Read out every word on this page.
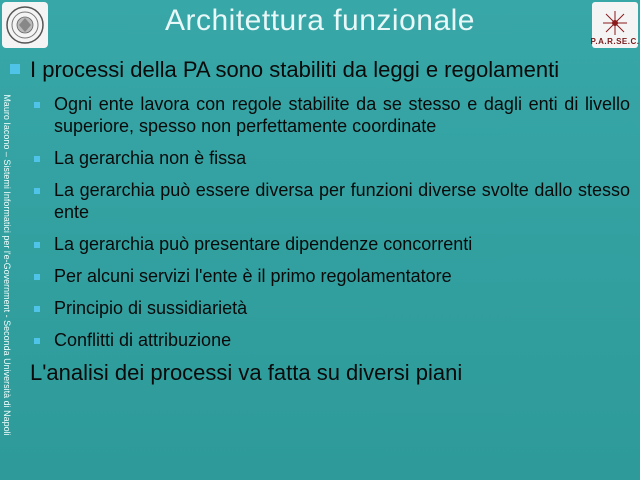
Architettura funzionale
P.A.R.SE.C.
Mauro Iacono – Sistemi Informatici per l'e-Government - Seconda Università di Napoli
I processi della PA sono stabiliti da leggi e regolamenti
Ogni ente lavora con regole stabilite da se stesso e dagli enti di livello superiore, spesso non perfettamente coordinate
La gerarchia non è fissa
La gerarchia può essere diversa per funzioni diverse svolte dallo stesso ente
La gerarchia può presentare dipendenze concorrenti
Per alcuni servizi l'ente è il primo regolamentatore
Principio di sussidiarietà
Conflitti di attribuzione
L'analisi dei processi va fatta su diversi piani
